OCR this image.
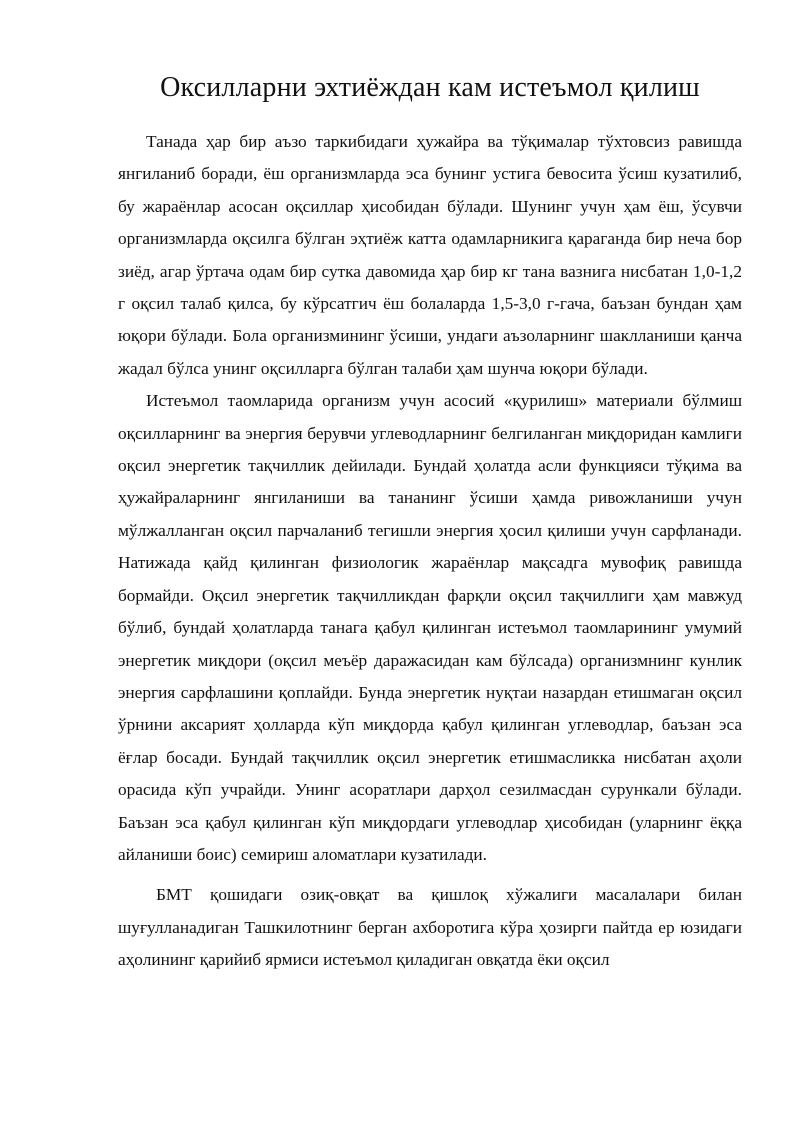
Оксилларни эхтиёждан кам истеъмол қилиш

Танада ҳар бир аъзо таркибидаги ҳужайра ва тўқималар тўхтовсиз равишда янгиланиб боради, ёш организмларда эса бунинг устига бевосита ўсиш кузатилиб, бу жараёнлар асосан оқсиллар ҳисобидан бўлади. Шунинг учун ҳам ёш, ўсувчи организмларда оқсилга бўлган эҳтиёж катта одамларникига қараганда бир неча бор зиёд, агар ўртача одам бир сутка давомида ҳар бир кг тана вазнига нисбатан 1,0-1,2 г оқсил талаб қилса, бу кўрсатгич ёш болаларда 1,5-3,0 г-гача, баъзан бундан ҳам юқори бўлади. Бола организмининг ўсиши, ундаги аъзоларнинг шаклланиши қанча жадал бўлса унинг оқсилларга бўлган талаби ҳам шунча юқори бўлади.

Истеъмол таомларида организм учун асосий «қурилиш» материали бўлмиш оқсилларнинг ва энергия берувчи углеводларнинг белгиланган миқдоридан камлиги оқсил энергетик тақчиллик дейилади. Бундай ҳолатда асли функцияси тўқима ва ҳужайраларнинг янгиланиши ва тананинг ўсиши ҳамда ривожланиши учун мўлжалланган оқсил парчаланиб тегишли энергия ҳосил қилиши учун сарфланади. Натижада қайд қилинган физиологик жараёнлар мақсадга мувофиқ равишда бормайди. Оқсил энергетик тақчилликдан фарқли оқсил тақчиллиги ҳам мавжуд бўлиб, бундай ҳолатларда танага қабул қилинган истеъмол таомларининг умумий энергетик миқдори (оқсил меъёр даражасидан кам бўлсада) организмнинг кунлик энергия сарфлашини қоплайди. Бунда энергетик нуқтаи назардан етишмаган оқсил ўрнини аксарият ҳолларда кўп миқдорда қабул қилинган углеводлар, баъзан эса ёғлар босади. Бундай тақчиллик оқсил энергетик етишмасликка нисбатан аҳоли орасида кўп учрайди. Унинг асоратлари дарҳол сезилмасдан сурункали бўлади. Баъзан эса қабул қилинган кўп миқдордаги углеводлар ҳисобидан (уларнинг ёққа айланиши боис) семириш аломатлари кузатилади.

БМТ қошидаги озиқ-овқат ва қишлоқ хўжалиги масалалари билан шуғулланадиган Ташкилотнинг берган ахборотига кўра ҳозирги пайтда ер юзидаги аҳолининг қарийиб ярмиси истеъмол қиладиган овқатда ёки оқсил
